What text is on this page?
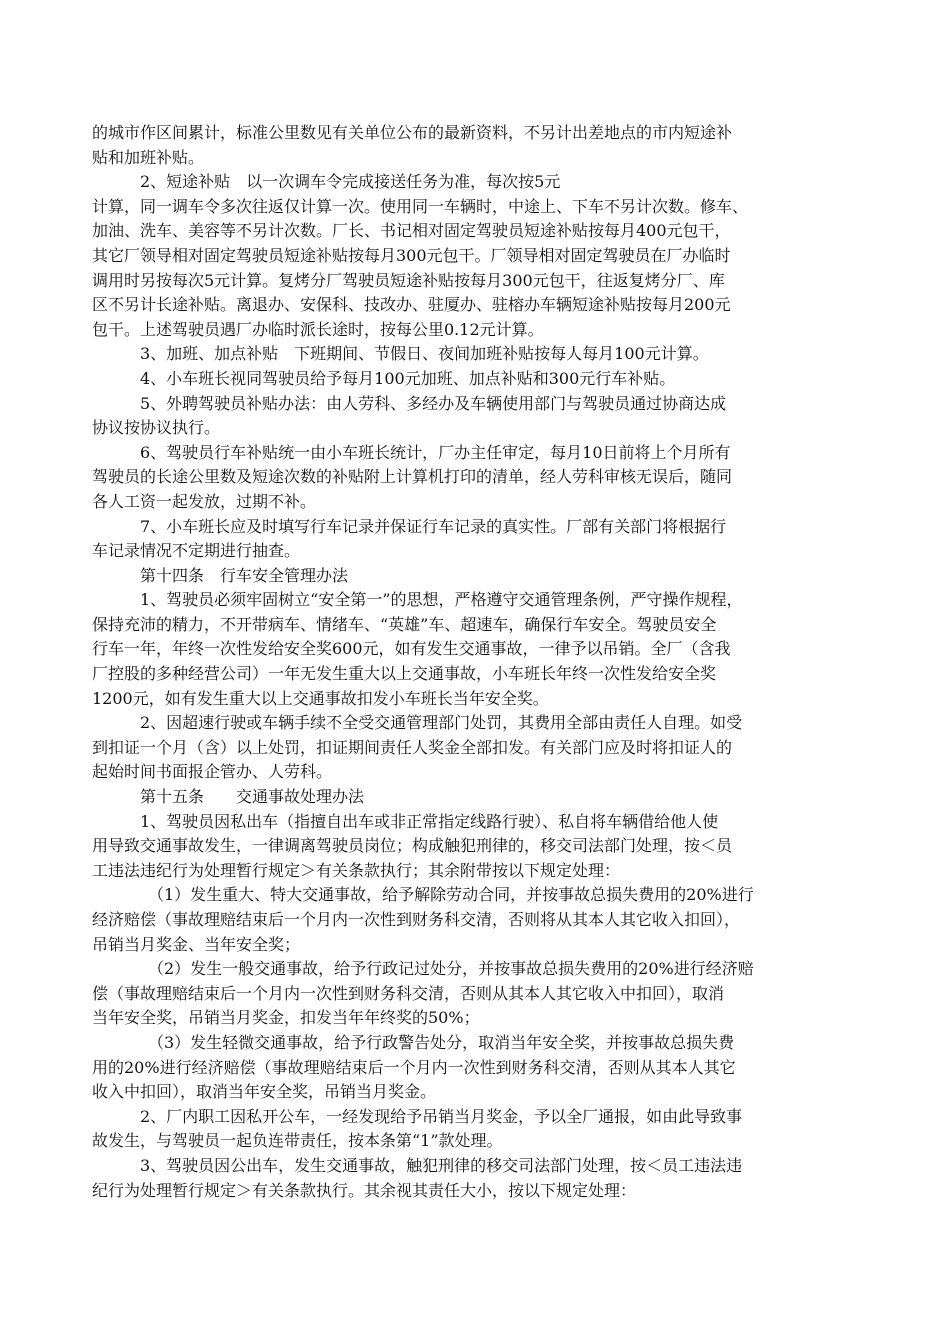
的城市作区间累计，标准公里数见有关单位公布的最新资料，不另计出差地点的市内短途补

贴和加班补贴。

2、短途补贴　以一次调车令完成接送任务为准，每次按5元

计算，同一调车令多次往返仅计算一次。使用同一车辆时，中途上、下车不另计次数。修车、

加油、洗车、美容等不另计次数。厂长、书记相对固定驾驶员短途补贴按每月400元包干，

其它厂领导相对固定驾驶员短途补贴按每月300元包干。厂领导相对固定驾驶员在厂办临时

调用时另按每次5元计算。复烤分厂驾驶员短途补贴按每月300元包干，往返复烤分厂、库

区不另计长途补贴。离退办、安保科、技改办、驻厦办、驻榕办车辆短途补贴按每月200元

包干。上述驾驶员遇厂办临时派长途时，按每公里0.12元计算。

3、加班、加点补贴　下班期间、节假日、夜间加班补贴按每人每月100元计算。

4、小车班长视同驾驶员给予每月100元加班、加点补贴和300元行车补贴。

5、外聘驾驶员补贴办法：由人劳科、多经办及车辆使用部门与驾驶员通过协商达成

协议按协议执行。

6、驾驶员行车补贴统一由小车班长统计，厂办主任审定，每月10日前将上个月所有

驾驶员的长途公里数及短途次数的补贴附上计算机打印的清单，经人劳科审核无误后，随同

各人工资一起发放，过期不补。

7、小车班长应及时填写行车记录并保证行车记录的真实性。厂部有关部门将根据行

车记录情况不定期进行抽查。

第十四条　行车安全管理办法

1、驾驶员必须牢固树立“安全第一”的思想，严格遵守交通管理条例，严守操作规程，

保持充沛的精力，不开带病车、情绪车、“英雄”车、超速车，确保行车安全。驾驶员安全

行车一年，年终一次性发给安全奖600元，如有发生交通事故，一律予以吊销。全厂（含我

厂控股的多种经营公司）一年无发生重大以上交通事故，小车班长年终一次性发给安全奖

1200元，如有发生重大以上交通事故扣发小车班长当年安全奖。

2、因超速行驶或车辆手续不全受交通管理部门处罚，其费用全部由责任人自理。如受

到扣证一个月（含）以上处罚，扣证期间责任人奖金全部扣发。有关部门应及时将扣证人的

起始时间书面报企管办、人劳科。

第十五条　　交通事故处理办法

1、驾驶员因私出车（指擅自出车或非正常指定线路行驶）、私自将车辆借给他人使

用导致交通事故发生，一律调离驾驶员岗位；构成触犯刑律的，移交司法部门处理，按＜员

工违法违纪行为处理暂行规定＞有关条款执行；其余附带按以下规定处理：

（1）发生重大、特大交通事故，给予解除劳动合同，并按事故总损失费用的20%进行

经济赔偿（事故理赔结束后一个月内一次性到财务科交清，否则将从其本人其它收入扣回），

吊销当月奖金、当年安全奖；

（2）发生一般交通事故，给予行政记过处分，并按事故总损失费用的20%进行经济赔

偿（事故理赔结束后一个月内一次性到财务科交清，否则从其本人其它收入中扣回），取消

当年安全奖，吊销当月奖金，扣发当年年终奖的50%；

（3）发生轻微交通事故，给予行政警告处分，取消当年安全奖，并按事故总损失费

用的20%进行经济赔偿（事故理赔结束后一个月内一次性到财务科交清，否则从其本人其它

收入中扣回），取消当年安全奖，吊销当月奖金。

2、厂内职工因私开公车，一经发现给予吊销当月奖金，予以全厂通报，如由此导致事

故发生，与驾驶员一起负连带责任，按本条第“1”款处理。

3、驾驶员因公出车，发生交通事故，触犯刑律的移交司法部门处理，按＜员工违法违

纪行为处理暂行规定＞有关条款执行。其余视其责任大小，按以下规定处理：
